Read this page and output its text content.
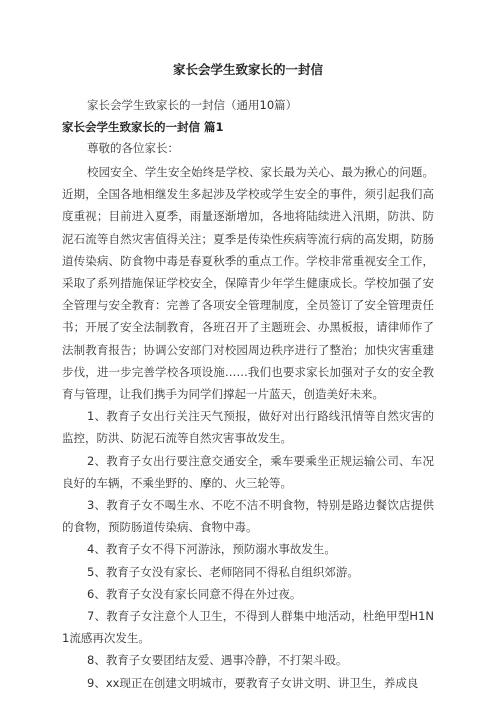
家长会学生致家长的一封信
家长会学生致家长的一封信（通用10篇）
家长会学生致家长的一封信 篇1
尊敬的各位家长：

校园安全、学生安全始终是学校、家长最为关心、最为揪心的问题。近期，全国各地相继发生多起涉及学校或学生安全的事件，须引起我们高度重视；目前进入夏季，雨量逐渐增加，各地将陆续进入汛期，防洪、防泥石流等自然灾害值得关注；夏季是传染性疾病等流行病的高发期，防肠道传染病、防食物中毒是春夏秋季的重点工作。学校非常重视安全工作，采取了系列措施保证学校安全，保障青少年学生健康成长。学校加强了安全管理与安全教育：完善了各项安全管理制度，全员签订了安全管理责任书；开展了安全法制教育，各班召开了主题班会、办黑板报，请律师作了法制教育报告；协调公安部门对校园周边秩序进行了整治；加快灾害重建步伐，进一步完善学校各项设施……我们也要求家长加强对子女的安全教育与管理，让我们携手为同学们撑起一片蓝天，创造美好未来。

1、教育子女出行关注天气预报，做好对出行路线汛情等自然灾害的监控，防洪、防泥石流等自然灾害事故发生。

2、教育子女出行要注意交通安全，乘车要乘坐正规运输公司、车况良好的车辆，不乘坐野的、摩的、火三轮等。

3、教育子女不喝生水、不吃不洁不明食物，特别是路边餐饮店提供的食物，预防肠道传染病、食物中毒。

4、教育子女不得下河游泳，预防溺水事故发生。

5、教育子女没有家长、老师陪同不得私自组织郊游。

6、教育子女没有家长同意不得在外过夜。

7、教育子女注意个人卫生，不得到人群集中地活动，杜绝甲型H1N1流感再次发生。

8、教育子女要团结友爱、遇事冷静，不打架斗殴。

9、xx现正在创建文明城市，要教育子女讲文明、讲卫生，养成良
